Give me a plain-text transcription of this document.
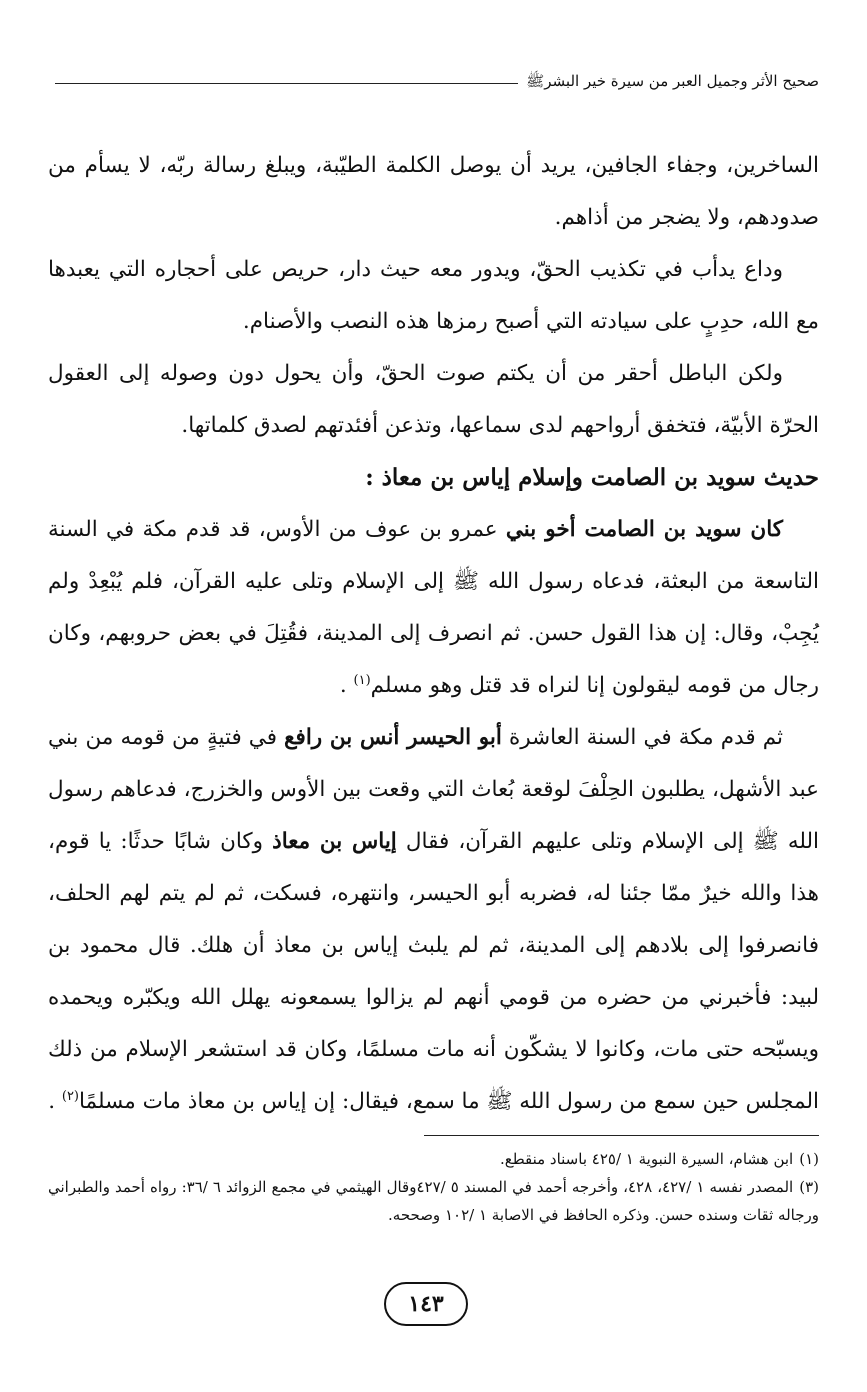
صحيح الأثر وجميل العبر من سيرة خير البشرﷺ

الساخرين، وجفاء الجافين، يريد أن يوصل الكلمة الطيّبة، ويبلغ رسالة ربّه، لا يسأم من صدودهم، ولا يضجر من أذاهم.

وداع يدأب في تكذيب الحقّ، ويدور معه حيث دار، حريص على أحجاره التي يعبدها مع الله، حدِبٍ على سيادته التي أصبح رمزها هذه النصب والأصنام.

ولكن الباطل أحقر من أن يكتم صوت الحقّ، وأن يحول دون وصوله إلى العقول الحرّة الأبيّة، فتخفق أرواحهم لدى سماعها، وتذعن أفئدتهم لصدق كلماتها.

حديث سويد بن الصامت وإسلام إياس بن معاذ :

كان سويد بن الصامت أخو بني عمرو بن عوف من الأوس، قد قدم مكة في السنة التاسعة من البعثة، فدعاه رسول الله ﷺ إلى الإسلام وتلى عليه القرآن، فلم يُبْعِدْ ولم يُجِبْ، وقال: إن هذا القول حسن. ثم انصرف إلى المدينة، فقُتِلَ في بعض حروبهم، وكان رجال من قومه ليقولون إنا لنراه قد قتل وهو مسلم$^{(١)}$ .

ثم قدم مكة في السنة العاشرة أبو الحيسر أنس بن رافع في فتيةٍ من قومه من بني عبد الأشهل، يطلبون الحِلْفَ لوقعة بُعاث التي وقعت بين الأوس والخزرج، فدعاهم رسول الله ﷺ إلى الإسلام وتلى عليهم القرآن، فقال إياس بن معاذ وكان شابًا حدثًا: يا قوم، هذا والله خيرٌ ممّا جئنا له، فضربه أبو الحيسر، وانتهره، فسكت، ثم لم يتم لهم الحلف، فانصرفوا إلى بلادهم إلى المدينة، ثم لم يلبث إياس بن معاذ أن هلك. قال محمود بن لبيد: فأخبرني من حضره من قومي أنهم لم يزالوا يسمعونه يهلل الله ويكبّره ويحمده ويسبّحه حتى مات، وكانوا لا يشكّون أنه مات مسلمًا، وكان قد استشعر الإسلام من ذلك المجلس حين سمع من رسول الله ﷺ ما سمع، فيقال: إن إياس بن معاذ مات مسلمًا$^{(٢)}$ .

(١)ابن هشام، السيرة النبوية ١ /٤٢٥ باسناد منقطع.

(٣)المصدر نفسه ١ /٤٢٧، ٤٢٨، وأخرجه أحمد في المسند ٥ /٤٢٧وقال الهيثمي في مجمع الزوائد ٦ /٣٦: رواه أحمد والطبراني ورجاله ثقات وسنده حسن. وذكره الحافظ في الاصابة ١ /١٠٢ وصححه.

١٤٣
